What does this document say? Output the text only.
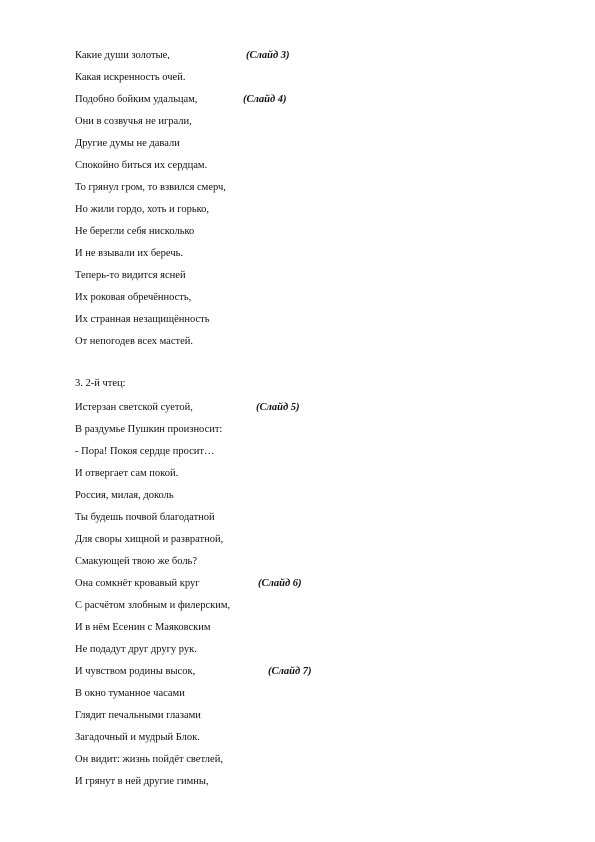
Какие души золотые,	(Слайд 3)
Какая искренность очей.
Подобно бойким удальцам,	(Слайд 4)
Они в созвучья не играли,
Другие думы не давали
Спокойно биться их сердцам.
То грянул гром, то взвился смерч,
Но жили гордо, хоть и горько,
Не берегли себя нисколько
И не взывали их беречь.
Теперь-то видится ясней
Их роковая обречённость,
Их странная незащищённость
От непогодев всех мастей.
3. 2-й чтец:
Истерзан светской суетой,	(Слайд 5)
В раздумье Пушкин произносит:
- Пора! Покоя сердце просит…
И отвергает сам покой.
Россия, милая, доколь
Ты будешь почвой благодатной
Для своры хищной и развратной,
Смакующей твою же боль?
Она сомкнёт кровавый круг	(Слайд 6)
С расчётом злобным и филерским,
И в нём Есенин с Маяковским
Не подадут друг другу рук.
И чувством родины высок,	(Слайд 7)
В окно туманное часами
Глядит печальными глазами
Загадочный и мудрый Блок.
Он видит: жизнь пойдёт светлей,
И грянут в ней другие гимны,
